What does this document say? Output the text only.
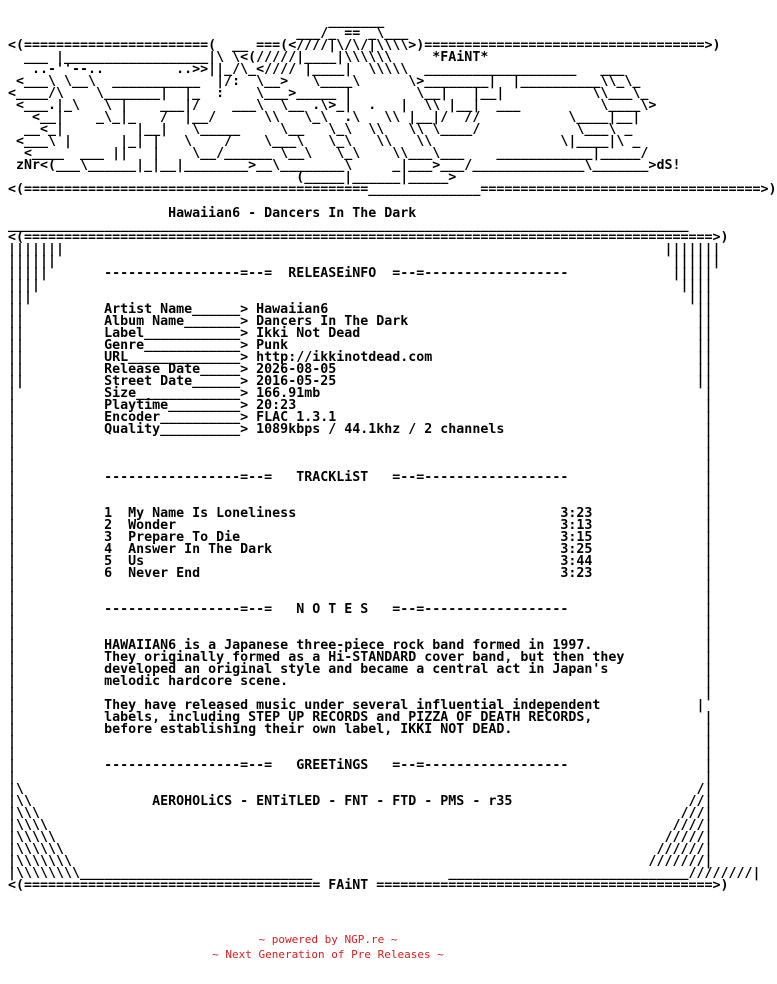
_______
___/_ == _\___
<(=======================(  __ ===(<////|\/\/|\\\\>)===================================>)
___ |__________________|\ \<(/////|____|\\\\\\     *FAiNT*
..-''--..         ..>>||_/\_<//// |____|  \\\\\  ___________________   ___
<___\ \__\  ___________  |/:  \__>   \____\      \>________|  |__________\\_\_
<____/\    \_______|  |_  :    \___>_____ |        \__|   |__|           \\___\_
<___.|_\   \ |    ___|/    ___\  \__ .\>_|  .   |  \\ |__|  ___          \____\>
<__|    _\_|_   /  |__/      \\   \_\  .\   \\ |__|/  //           \____|__|
__<_|         |__|   \_____     \__   \_\  \\   \\ \____/            \___\ _
<___\ |      |_| |   \    /    \___\   \_\   \\   \\                \|____|\ _
<____  ___ ||   |    \__/______ \__\   \_\    \\___\___    ____________|_____/
zNr<(___\______|_|__|________>__\________\     _|___>___/______________\_______>dS!
(_____|______|_____>
<(===========================================______________===================================>)

Hawaiian6 - Dancers In The Dark
_____________________________________________________________________________________
<(======================================================================================>)
|||||||                                                                           |||||||
||||||                                                                             ||||||
|||||       -----------------=--=  RELEASEiNFO  =--=------------------             |||||
||||                                                                                ||||
|||                                                                                  |||
||          Artist Name______> Hawaiian6                                              ||
||          Album Name_______> Dancers In The Dark                                    ||
||          Label____________> Ikki Not Dead                                          ||
||          Genre____________> Punk                                                   ||
||          URL______________> http://ikkinotdead.com                                 ||
||          Release Date_____> 2026-08-05                                             ||
||          Street Date______> 2016-05-25                                             ||
|           Size_____________> 166.91mb                                                |
|           Playtime_________> 20:23                                                   |
|           Encoder__________> FLAC 1.3.1                                              |
|           Quality__________> 1089kbps / 44.1khz / 2 channels                         |
|                                                                                      |
|                                                                                      |
|                                                                                      |
|           -----------------=--=   TRACKLiST   =--=------------------                 |
|                                                                                      |
|                                                                                      |
|           1  My Name Is Loneliness                                 3:23              |
|           2  Wonder                                                3:13              |
|           3  Prepare To Die                                        3:15              |
|           4  Answer In The Dark                                    3:25              |
|           5  Us                                                    3:44              |
|           6  Never End                                             3:23              |
|                                                                                      |
|                                                                                      |
|           -----------------=--=   N O T E S   =--=------------------                 |
|                                                                                      |
|                                                                                      |
|           HAWAIIAN6 is a Japanese three-piece rock band formed in 1997.              |
|           They originally formed as a Hi-STANDARD cover band, but then they          |
|           developed an original style and became a central act in Japan's            |
|           melodic hardcore scene.                                                    |
|                                                                                      |
|           They have released music under several influential independent            |
|           labels, including STEP UP RECORDS and PIZZA OF DEATH RECORDS,              |
|           before establishing their own label, IKKI NOT DEAD.                        |
|                                                                                      |
|                                                                                      |
|           -----------------=--=   GREETiNGS   =--=------------------                 |
|                                                                                      |
|\                                                                                    /|
|\\               AEROHOLiCS - ENTiTLED - FNT - FTD - PMS - r35                      //|
|\\\                                                                                ///|
|\\\\                                                                              ////|
|\\\\\                                                                            /////|
|\\\\\\                                                                          //////|
|\\\\\\\                                                                        ///////|
|\\\\\\\\_____________________________                 ______________________________////////|
<(===================================== FAiNT ==========================================>)
~ powered by NGP.re ~
~ Next Generation of Pre Releases ~
